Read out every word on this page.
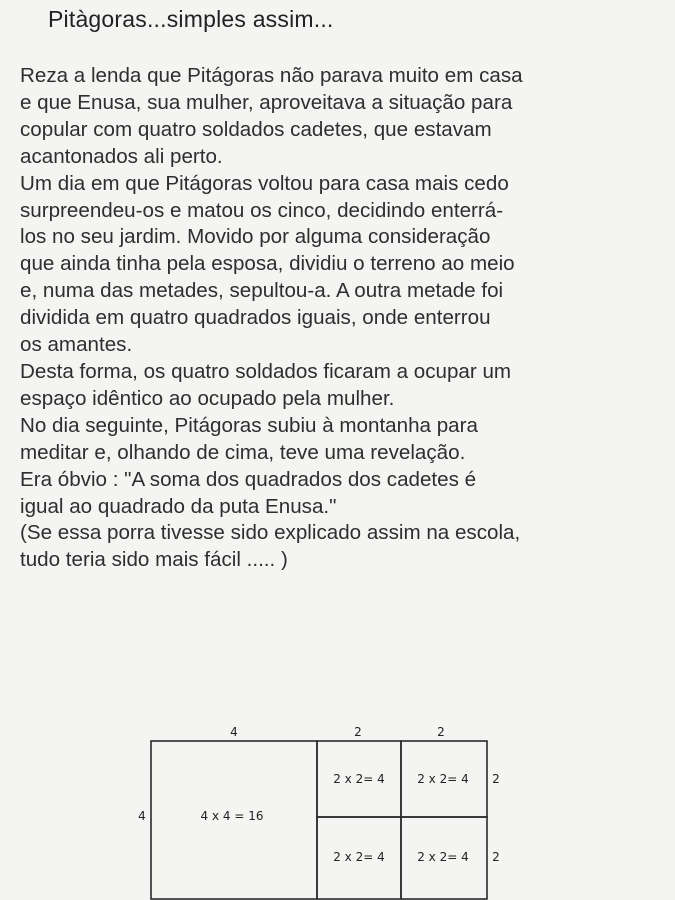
Pitàgoras...simples assim...
Reza a lenda que Pitágoras não parava muito em casa
e que Enusa, sua mulher, aproveitava a situação para
copular com quatro soldados cadetes, que estavam
acantonados ali perto.
Um dia em que Pitágoras voltou para casa mais cedo
surpreendeu-os e matou os cinco, decidindo enterrá-
los no seu jardim. Movido por alguma consideração
que ainda tinha pela esposa, dividiu o terreno ao meio
e, numa das metades, sepultou-a. A outra metade foi
dividida em quatro quadrados iguais, onde enterrou
os amantes.
Desta forma, os quatro soldados ficaram a ocupar um
espaço idêntico ao ocupado pela mulher.
No dia seguinte, Pitágoras subiu à montanha para
meditar e, olhando de cima, teve uma revelação.
Era óbvio : "A soma dos quadrados dos cadetes é
igual ao quadrado da puta Enusa."
(Se essa porra tivesse sido explicado assim na escola,
tudo teria sido mais fácil ..... )
4	2	2
4	4 x 4 = 16
2 x 2= 4	2 x 2= 4
2 x 2= 4	2 x 2= 4
2
2
